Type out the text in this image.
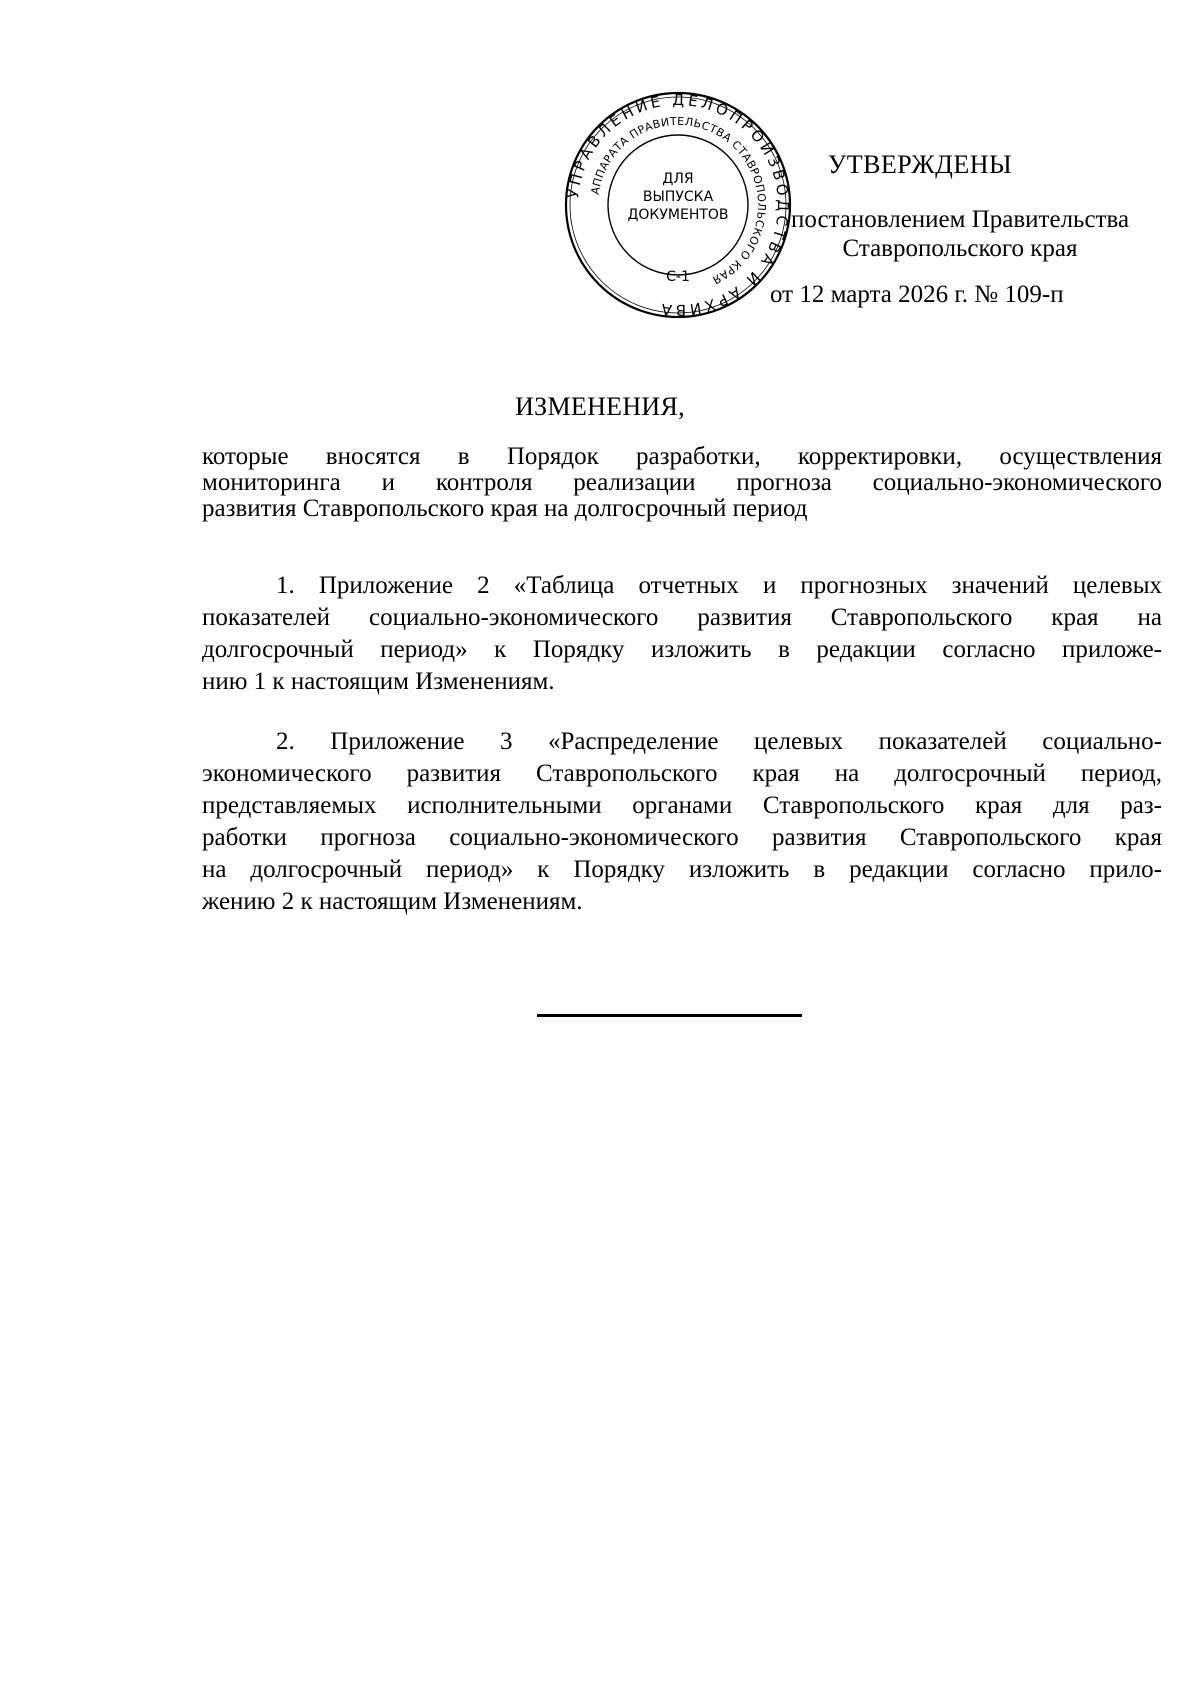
УПРАВЛЕНИЕ ДЕЛОПРОИЗВОДСТВА И АРХИВА
АППАРАТА ПРАВИТЕЛЬСТВА СТАВРОПОЛЬСКОГО КРАЯ
ДЛЯ
ВЫПУСКА
ДОКУМЕНТОВ
С-1
УТВЕРЖДЕНЫ
постановлением Правительства
Ставропольского края
от 12 марта 2026 г. № 109-п
ИЗМЕНЕНИЯ,
которые вносятся в Порядок разработки, корректировки, осуществления
мониторинга и контроля реализации прогноза социально-экономического
развития Ставропольского края на долгосрочный период
1. Приложение 2 «Таблица отчетных и прогнозных значений целевых
показателей социально-экономического развития Ставропольского края на
долгосрочный период» к Порядку изложить в редакции согласно приложе-
нию 1 к настоящим Изменениям.
2. Приложение 3 «Распределение целевых показателей социально-
экономического развития Ставропольского края на долгосрочный период,
представляемых исполнительными органами Ставропольского края для раз-
работки прогноза социально-экономического развития Ставропольского края
на долгосрочный период» к Порядку изложить в редакции согласно прило-
жению 2 к настоящим Изменениям.
